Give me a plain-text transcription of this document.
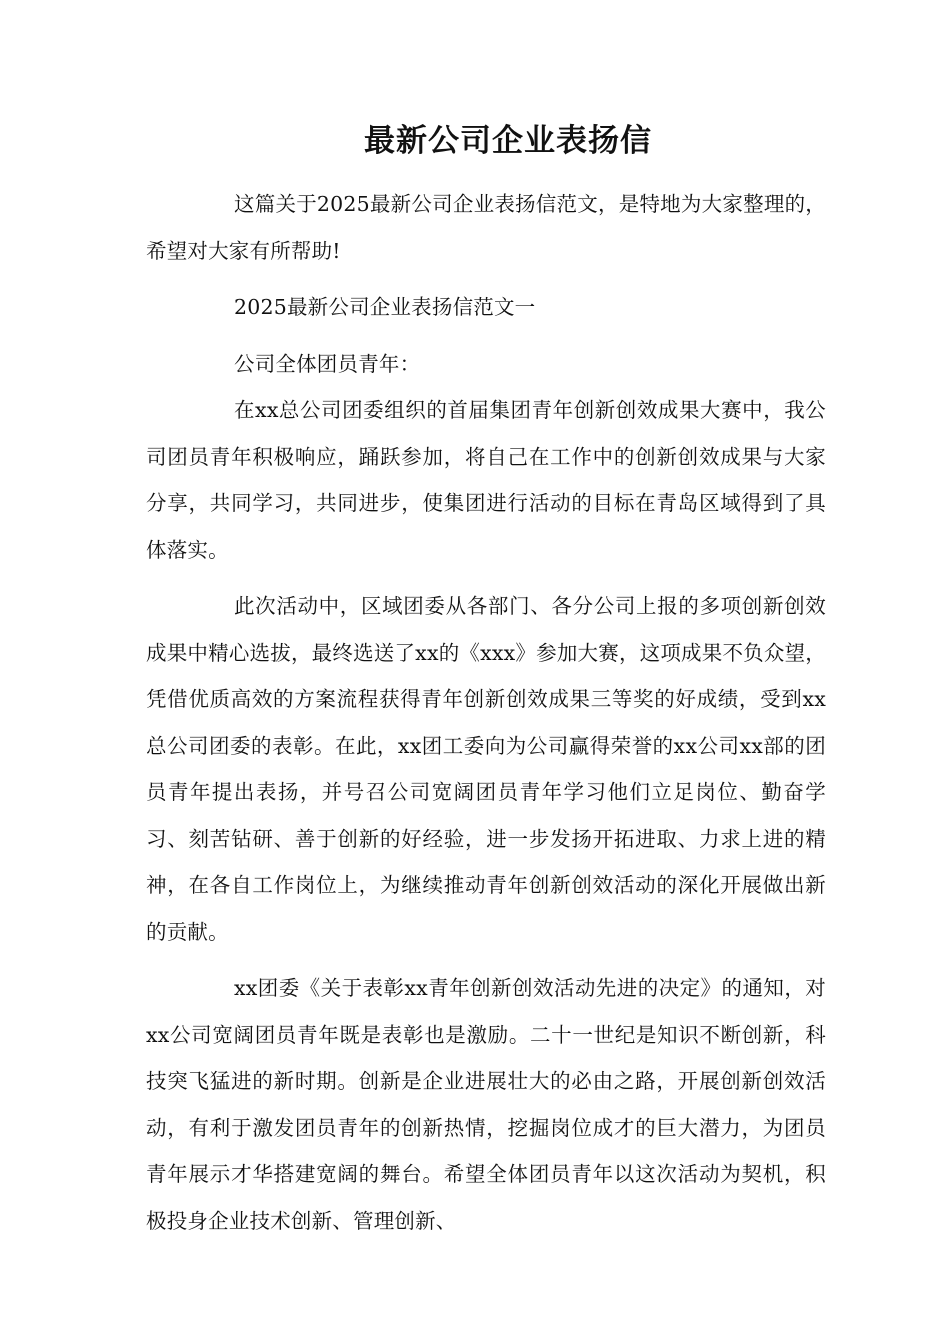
最新公司企业表扬信

这篇关于2025最新公司企业表扬信范文，是特地为大家整理的，希望对大家有所帮助!

2025最新公司企业表扬信范文一

公司全体团员青年：

在xx总公司团委组织的首届集团青年创新创效成果大赛中，我公司团员青年积极响应，踊跃参加，将自己在工作中的创新创效成果与大家分享，共同学习，共同进步，使集团进行活动的目标在青岛区域得到了具体落实。

此次活动中，区域团委从各部门、各分公司上报的多项创新创效成果中精心选拔，最终选送了xx的《xxx》参加大赛，这项成果不负众望，凭借优质高效的方案流程获得青年创新创效成果三等奖的好成绩，受到xx总公司团委的表彰。在此，xx团工委向为公司赢得荣誉的xx公司xx部的团员青年提出表扬，并号召公司宽阔团员青年学习他们立足岗位、勤奋学习、刻苦钻研、善于创新的好经验，进一步发扬开拓进取、力求上进的精神，在各自工作岗位上，为继续推动青年创新创效活动的深化开展做出新的贡献。

xx团委《关于表彰xx青年创新创效活动先进的决定》的通知，对xx公司宽阔团员青年既是表彰也是激励。二十一世纪是知识不断创新，科技突飞猛进的新时期。创新是企业进展壮大的必由之路，开展创新创效活动，有利于激发团员青年的创新热情，挖掘岗位成才的巨大潜力，为团员青年展示才华搭建宽阔的舞台。希望全体团员青年以这次活动为契机，积极投身企业技术创新、管理创新、
